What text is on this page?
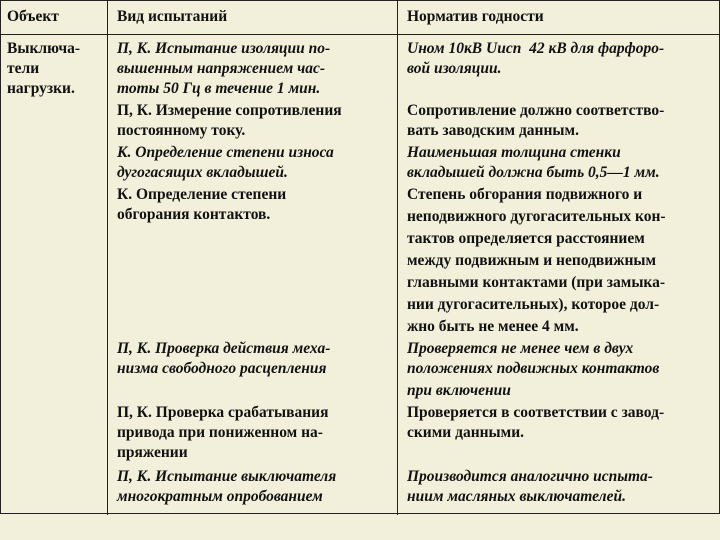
Объект	Вид испытаний	Норматив годности
Выключа-
тели
нагрузки.
П, К. Испытание изоляции по-
вышенным напряжением час-
тоты 50 Гц в течение 1 мин.
П, К. Измерение сопротивления
постоянному току.
К. Определение степени износа
дугогасящих вкладышей.
К. Определение степени
обгорания контактов.
П, К. Проверка действия меха-
низма свободного расцепления
П, К. Проверка срабатывания
привода при пониженном на-
пряжении
П, К. Испытание выключателя
многократным опробованием
Uном 10кВ Uисп  42 кВ для фарфоро-
вой изоляции.
Сопротивление должно соответство-
вать заводским данным.
Наименьшая толщина стенки
вкладышей должна быть 0,5—1 мм.
Степень обгорания подвижного и
неподвижного дугогасительных кон-
тактов определяется расстоянием
между подвижным и неподвижным
главными контактами (при замыка-
нии дугогасительных), которое дол-
жно быть не менее 4 мм.
Проверяется не менее чем в двух
положениях подвижных контактов
при включении
Проверяется в соответствии с завод-
скими данными.
Производится аналогично испыта-
ниим масляных выключателей.
